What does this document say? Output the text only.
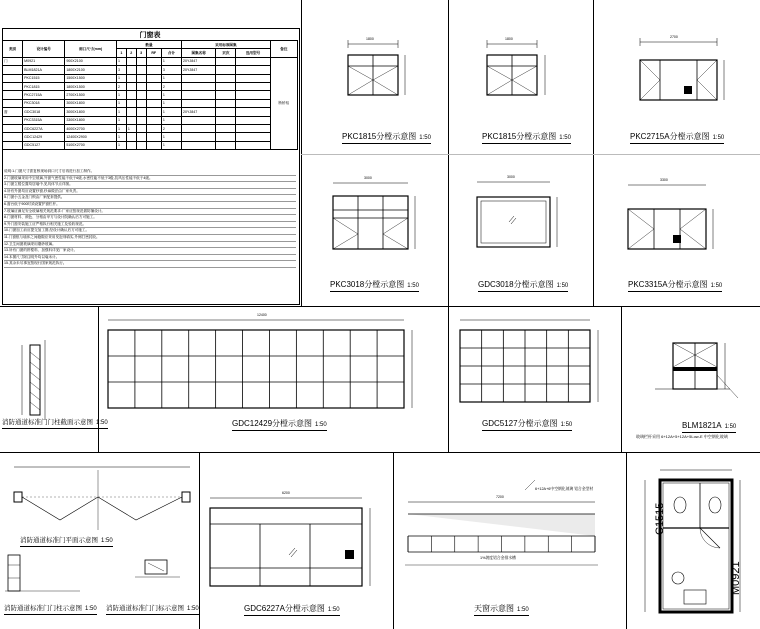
门窗表
类别	设计编号	洞口尺寸(mm)	数量					采用标准图集			备注
			1	2	3	RF	合计	图集名称	页次	选用型号	
门	M0921	900X2100	1				1	20YJ847			断桥铝
	BLM1821A	1800X2100	3				3	20YJ847			
	PKC1515	1500X1500	1				1				
	PKC1815	1800X1500	2				2				
	PKC2715A	2700X1500	1				1				
	PKC3018	3000X1800	1				1				
窗	GDC3018	3000X1800	1				1	20YJ847			
	PKC3315A	3300X1800	1				1				
	GDC6227A	4000X2700	1	1			2				
	GDC12429	12400X2900	1				1				
	GDC5127	5100X2700	1				1				
说明:1.门窗尺寸需复核现场洞口尺寸后再进行加工制作。
2.门窗玻璃采用中空玻璃,外窗气密性能不低于6级,水密性能不低于3级,抗风压性能不低于4级。
3.门窗立樘位置均居墙中,见具体节点详图。
4.所有外窗均应设置纱窗,纱扇做法由厂家负责。
5.门窗小五金及门锁由厂家配套提供。
6.窗台低于900时须设置护窗栏杆。
7.玻璃应满足安全玻璃相关规范要求:厂家应按规范做防撞设计。
8.门窗材料、颜色、分格由甲方与设计院确认后方可施工。
9.外门窗安装施工应严格执行相关施工及验收规范。
10.门窗加工前应提交加工图,经设计确认后方可施工。
11.门窗框与墙体之间缝隙应采用发泡剂填实,外侧打密封胶。
12.卫生间窗玻璃采用磨砂玻璃。
13.所有门窗的拼樘料、加强料详见厂家设计。
14.本图尺寸除注明外均以毫米计。
15.其余未尽事宜按现行国家规范执行。
PKC1815分樘示意图 1:50	PKC1815分樘示意图 1:50	PKC2715A分樘示意图 1:50
PKC3018分樘示意图 1:50	GDC3018分樘示意图 1:50	PKC3315A分樘示意图 1:50
消防通道标准门门柱截面示意图 1:50	GDC12429分樘示意图 1:50	GDC5127分樘示意图 1:50	BLM1821A 1:50
玻璃栏杆采用 6+12A+5+12A+5Low-E 中空钢化玻璃
消防通道标准门平面示意图 1:50
消防通道标准门门柱示意图 1:50 消防通道标准门门标示意图 1:50	GDC6227A分樘示意图 1:50	天窗示意图 1:50
6+12A+6中空钢化玻璃 铝合金型材
1%坡度铝合金排水槽
1800	1800	2700
3000	3000
3300
12400
6200
7200
C1515
M0921
